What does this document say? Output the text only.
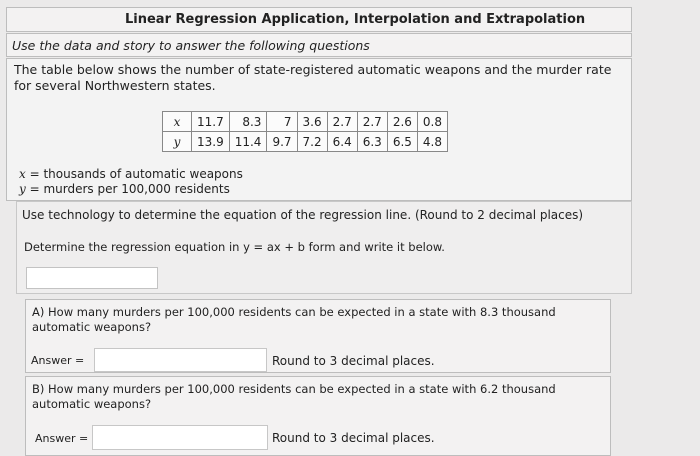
Linear Regression Application, Interpolation and Extrapolation
Use the data and story to answer the following questions
The table below shows the number of state-registered automatic weapons and the murder rate for several Northwestern states.
x	11.7	8.3	7	3.6	2.7	2.7	2.6	0.8
y	13.9	11.4	9.7	7.2	6.4	6.3	6.5	4.8
x = thousands of automatic weapons
y = murders per 100,000 residents
Use technology to determine the equation of the regression line. (Round to 2 decimal places)
Determine the regression equation in y = ax + b form and write it below.
A) How many murders per 100,000 residents can be expected in a state with 8.3 thousand automatic weapons?
Answer =	Round to 3 decimal places.
B) How many murders per 100,000 residents can be expected in a state with 6.2 thousand automatic weapons?
Answer =	Round to 3 decimal places.
